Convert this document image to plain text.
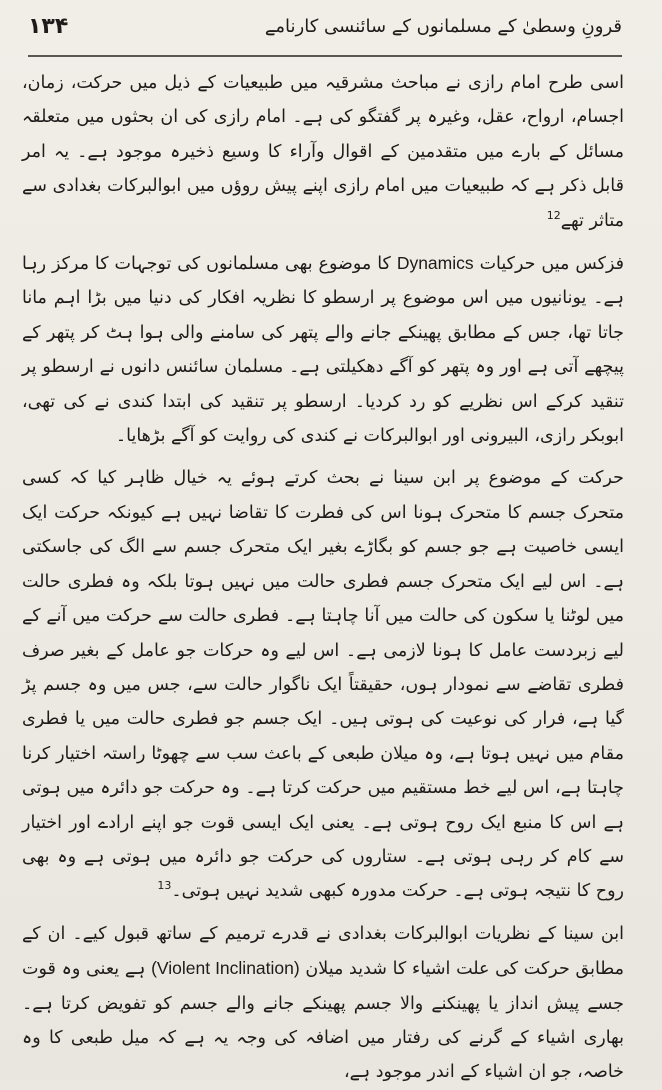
۱۳۴	قرونِ وسطیٰ کے مسلمانوں کے سائنسی کارنامے

اسی طرح امام رازی نے مباحث مشرقیہ میں طبیعیات کے ذیل میں حرکت، زمان، اجسام، ارواح، عقل، وغیرہ پر گفتگو کی ہے۔ امام رازی کی ان بحثوں میں متعلقہ مسائل کے بارے میں متقدمین کے اقوال وآراء کا وسیع ذخیرہ موجود ہے۔ یہ امر قابل ذکر ہے کہ طبیعیات میں امام رازی اپنے پیش روؤں میں ابوالبرکات بغدادی سے متاثر تھے$^{12}$

فزکس میں حرکیات Dynamics کا موضوع بھی مسلمانوں کی توجہات کا مرکز رہا ہے۔ یونانیوں میں اس موضوع پر ارسطو کا نظریہ افکار کی دنیا میں بڑا اہم مانا جاتا تھا، جس کے مطابق پھینکے جانے والے پتھر کی سامنے والی ہوا ہٹ کر پتھر کے پیچھے آتی ہے اور وہ پتھر کو آگے دھکیلتی ہے۔ مسلمان سائنس دانوں نے ارسطو پر تنقید کرکے اس نظریے کو رد کردیا۔ ارسطو پر تنقید کی ابتدا کندی نے کی تھی، ابوبکر رازی، البیرونی اور ابوالبرکات نے کندی کی روایت کو آگے بڑھایا۔

حرکت کے موضوع پر ابن سینا نے بحث کرتے ہوئے یہ خیال ظاہر کیا کہ کسی متحرک جسم کا متحرک ہونا اس کی فطرت کا تقاضا نہیں ہے کیونکہ حرکت ایک ایسی خاصیت ہے جو جسم کو بگاڑے بغیر ایک متحرک جسم سے الگ کی جاسکتی ہے۔ اس لیے ایک متحرک جسم فطری حالت میں نہیں ہوتا بلکہ وہ فطری حالت میں لوٹنا یا سکون کی حالت میں آنا چاہتا ہے۔ فطری حالت سے حرکت میں آنے کے لیے زبردست عامل کا ہونا لازمی ہے۔ اس لیے وہ حرکات جو عامل کے بغیر صرف فطری تقاضے سے نمودار ہوں، حقیقتاً ایک ناگوار حالت سے، جس میں وہ جسم پڑ گیا ہے، فرار کی نوعیت کی ہوتی ہیں۔ ایک جسم جو فطری حالت میں یا فطری مقام میں نہیں ہوتا ہے، وہ میلان طبعی کے باعث سب سے چھوٹا راستہ اختیار کرنا چاہتا ہے، اس لیے خط مستقیم میں حرکت کرتا ہے۔ وہ حرکت جو دائرہ میں ہوتی ہے اس کا منبع ایک روح ہوتی ہے۔ یعنی ایک ایسی قوت جو اپنے ارادے اور اختیار سے کام کر رہی ہوتی ہے۔ ستاروں کی حرکت جو دائرہ میں ہوتی ہے وہ بھی روح کا نتیجہ ہوتی ہے۔ حرکت مدورہ کبھی شدید نہیں ہوتی۔$^{13}$

ابن سینا کے نظریات ابوالبرکات بغدادی نے قدرے ترمیم کے ساتھ قبول کیے۔ ان کے مطابق حرکت کی علت اشیاء کا شدید میلان (Violent Inclination) ہے یعنی وہ قوت جسے پیش انداز یا پھینکنے والا جسم پھینکے جانے والے جسم کو تفویض کرتا ہے۔ بھاری اشیاء کے گرنے کی رفتار میں اضافہ کی وجہ یہ ہے کہ میل طبعی کا وہ خاصہ، جو ان اشیاء کے اندر موجود ہے،
